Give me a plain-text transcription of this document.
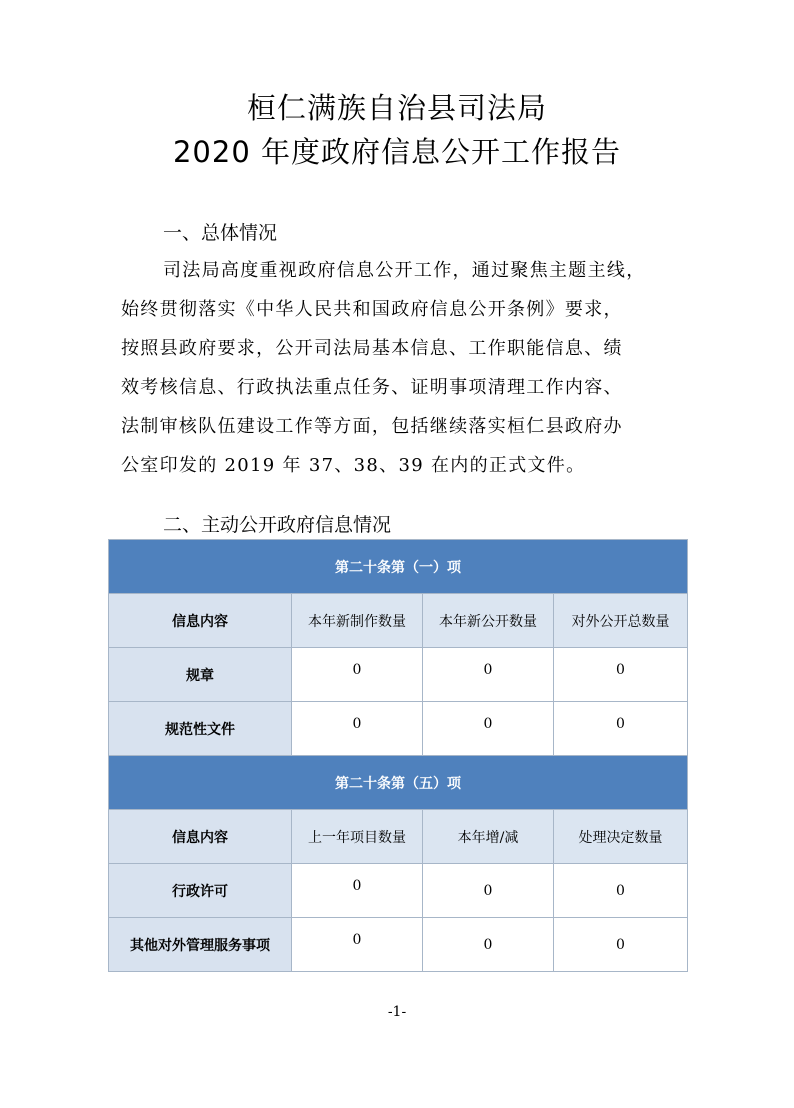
桓仁满族自治县司法局
2020 年度政府信息公开工作报告
一、总体情况
司法局高度重视政府信息公开工作，通过聚焦主题主线，
始终贯彻落实《中华人民共和国政府信息公开条例》要求，
按照县政府要求，公开司法局基本信息、工作职能信息、绩
效考核信息、行政执法重点任务、证明事项清理工作内容、
法制审核队伍建设工作等方面，包括继续落实桓仁县政府办
公室印发的 2019 年 37、38、39 在内的正式文件。
二、主动公开政府信息情况
第二十条第（一）项			
信息内容	本年新制作数量	本年新公开数量	对外公开总数量
规章	0	0	0
规范性文件	0	0	0
第二十条第（五）项			
信息内容	上一年项目数量	本年增/减	处理决定数量
行政许可	0	0	0
其他对外管理服务事项	0	0	0
-1-
